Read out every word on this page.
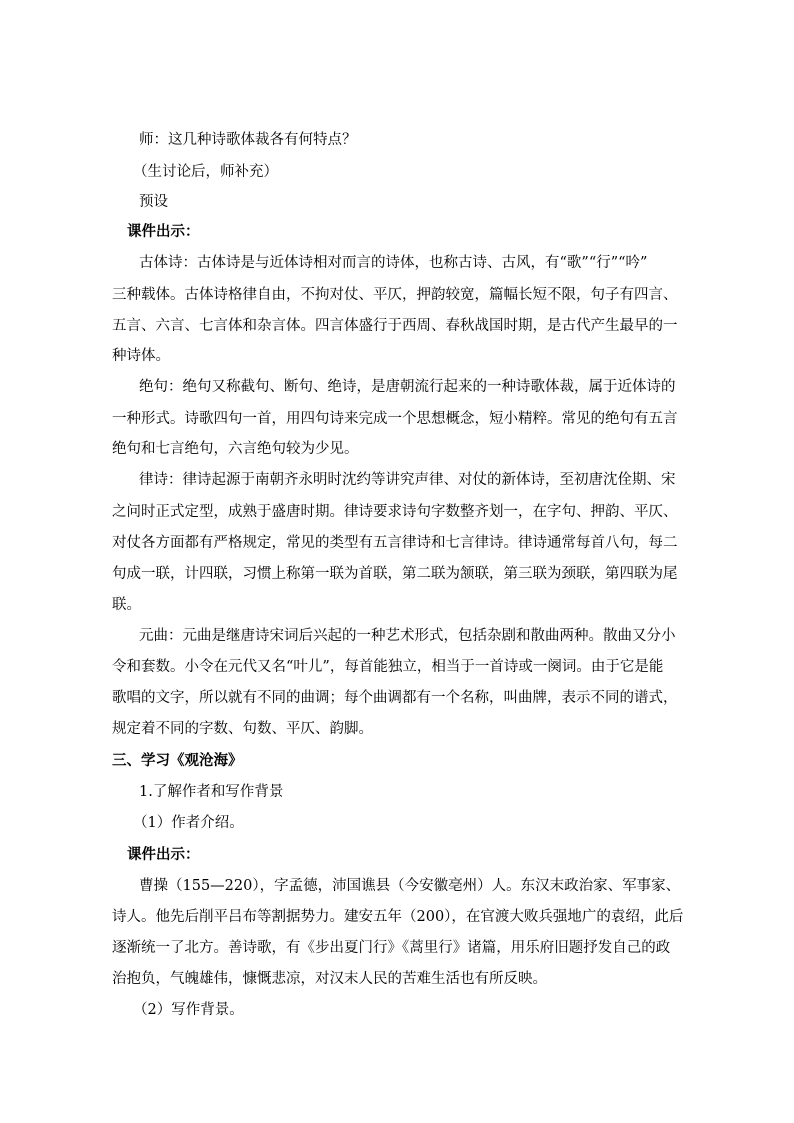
师：这几种诗歌体裁各有何特点？
（生讨论后，师补充）
预设
课件出示：
古体诗：古体诗是与近体诗相对而言的诗体，也称古诗、古风，有“歌”“行”“吟”
三种载体。古体诗格律自由，不拘对仗、平仄，押韵较宽，篇幅长短不限，句子有四言、
五言、六言、七言体和杂言体。四言体盛行于西周、春秋战国时期，是古代产生最早的一
种诗体。
绝句：绝句又称截句、断句、绝诗，是唐朝流行起来的一种诗歌体裁，属于近体诗的
一种形式。诗歌四句一首，用四句诗来完成一个思想概念，短小精粹。常见的绝句有五言
绝句和七言绝句，六言绝句较为少见。
律诗：律诗起源于南朝齐永明时沈约等讲究声律、对仗的新体诗，至初唐沈佺期、宋
之问时正式定型，成熟于盛唐时期。律诗要求诗句字数整齐划一，在字句、押韵、平仄、
对仗各方面都有严格规定，常见的类型有五言律诗和七言律诗。律诗通常每首八句，每二
句成一联，计四联，习惯上称第一联为首联，第二联为颔联，第三联为颈联，第四联为尾
联。
元曲：元曲是继唐诗宋词后兴起的一种艺术形式，包括杂剧和散曲两种。散曲又分小
令和套数。小令在元代又名“叶儿”，每首能独立，相当于一首诗或一阕词。由于它是能
歌唱的文字，所以就有不同的曲调；每个曲调都有一个名称，叫曲牌，表示不同的谱式，
规定着不同的字数、句数、平仄、韵脚。
三、学习《观沧海》
1.了解作者和写作背景
（1）作者介绍。
课件出示：
曹操（155—220），字孟德，沛国谯县（今安徽亳州）人。东汉末政治家、军事家、
诗人。他先后削平吕布等割据势力。建安五年（200），在官渡大败兵强地广的袁绍，此后
逐渐统一了北方。善诗歌，有《步出夏门行》《蒿里行》诸篇，用乐府旧题抒发自己的政
治抱负，气魄雄伟，慷慨悲凉，对汉末人民的苦难生活也有所反映。
（2）写作背景。
